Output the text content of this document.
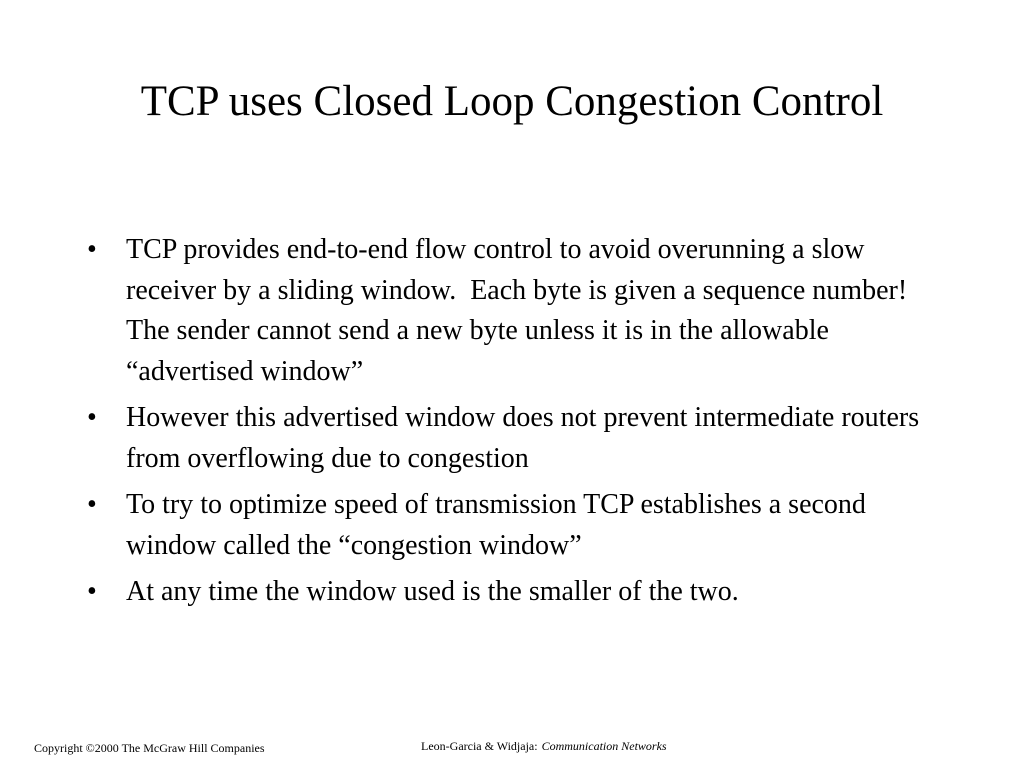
TCP uses Closed Loop Congestion Control
• TCP provides end-to-end flow control to avoid overunning a slow receiver by a sliding window.  Each byte is given a sequence number!  The sender cannot send a new byte unless it is in the allowable “advertised window”
• However this advertised window does not prevent intermediate routers from overflowing due to congestion
• To try to optimize speed of transmission TCP establishes a second window called the “congestion window”
• At any time the window used is the smaller of the two.
Copyright ©2000 The McGraw Hill Companies	Leon-Garcia & Widjaja: Communication Networks
